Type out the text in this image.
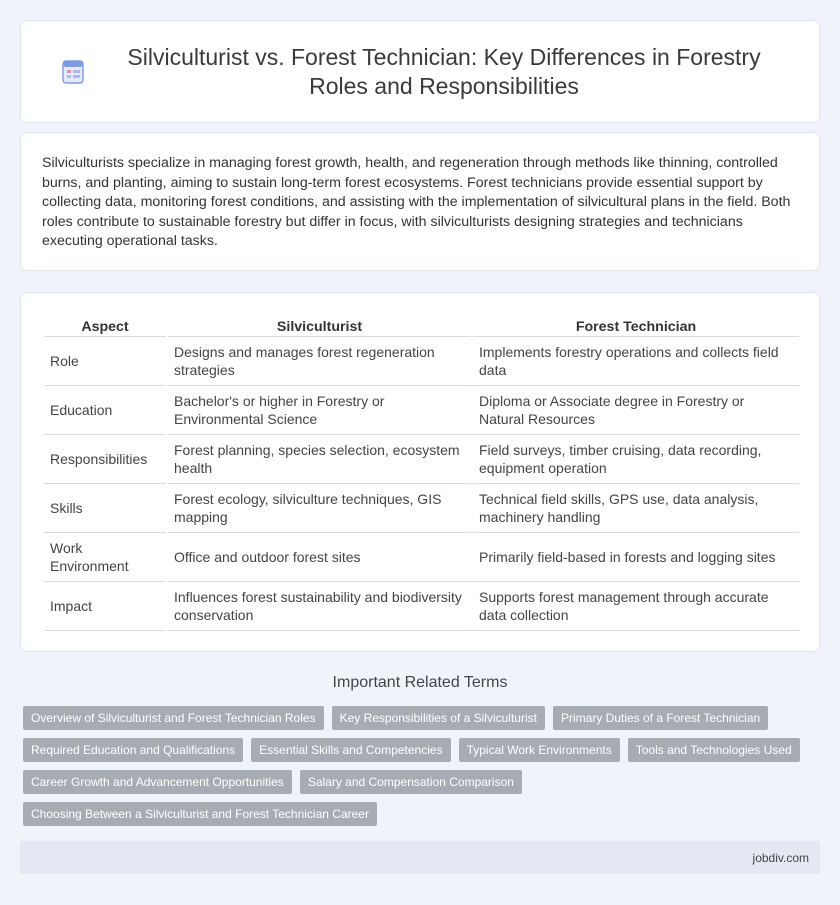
Silviculturist vs. Forest Technician: Key Differences in Forestry Roles and Responsibilities

Silviculturists specialize in managing forest growth, health, and regeneration through methods like thinning, controlled burns, and planting, aiming to sustain long-term forest ecosystems. Forest technicians provide essential support by collecting data, monitoring forest conditions, and assisting with the implementation of silvicultural plans in the field. Both roles contribute to sustainable forestry but differ in focus, with silviculturists designing strategies and technicians executing operational tasks.

Aspect	Silviculturist	Forest Technician
Role	Designs and manages forest regeneration strategies	Implements forestry operations and collects field data
Education	Bachelor's or higher in Forestry or Environmental Science	Diploma or Associate degree in Forestry or Natural Resources
Responsibilities	Forest planning, species selection, ecosystem health	Field surveys, timber cruising, data recording, equipment operation
Skills	Forest ecology, silviculture techniques, GIS mapping	Technical field skills, GPS use, data analysis, machinery handling
Work Environment	Office and outdoor forest sites	Primarily field-based in forests and logging sites
Impact	Influences forest sustainability and biodiversity conservation	Supports forest management through accurate data collection
Important Related Terms
Overview of Silviculturist and Forest Technician Roles	Key Responsibilities of a Silviculturist	Primary Duties of a Forest Technician
Required Education and Qualifications	Essential Skills and Competencies	Typical Work Environments	Tools and Technologies Used
Career Growth and Advancement Opportunities	Salary and Compensation Comparison
Choosing Between a Silviculturist and Forest Technician Career
jobdiv.com
